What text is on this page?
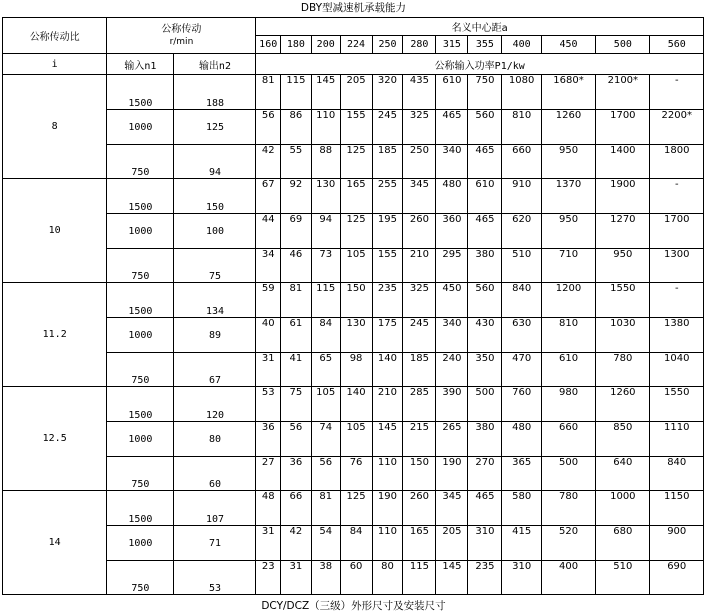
DBY型减速机承载能力
公称传动比	公称传动
r/min		名义中心距a											
			160	180	200	224	250	280	315	355	400	450	500	560
i	输入n1	输出n2	公称输入功率P1/kw											
8	1500	188	81	115	145	205	320	435	610	750	1080	1680*	2100*	-
	1000	125	56	86	110	155	245	325	465	560	810	1260	1700	2200*
	750	94	42	55	88	125	185	250	340	465	660	950	1400	1800
10	1500	150	67	92	130	165	255	345	480	610	910	1370	1900	-
	1000	100	44	69	94	125	195	260	360	465	620	950	1270	1700
	750	75	34	46	73	105	155	210	295	380	510	710	950	1300
11.2	1500	134	59	81	115	150	235	325	450	560	840	1200	1550	-
	1000	89	40	61	84	130	175	245	340	430	630	810	1030	1380
	750	67	31	41	65	98	140	185	240	350	470	610	780	1040
12.5	1500	120	53	75	105	140	210	285	390	500	760	980	1260	1550
	1000	80	36	56	74	105	145	215	265	380	480	660	850	1110
	750	60	27	36	56	76	110	150	190	270	365	500	640	840
14	1500	107	48	66	81	125	190	260	345	465	580	780	1000	1150
	1000	71	31	42	54	84	110	165	205	310	415	520	680	900
	750	53	23	31	38	60	80	115	145	235	310	400	510	690
DCY/DCZ（三级）外形尺寸及安装尺寸
